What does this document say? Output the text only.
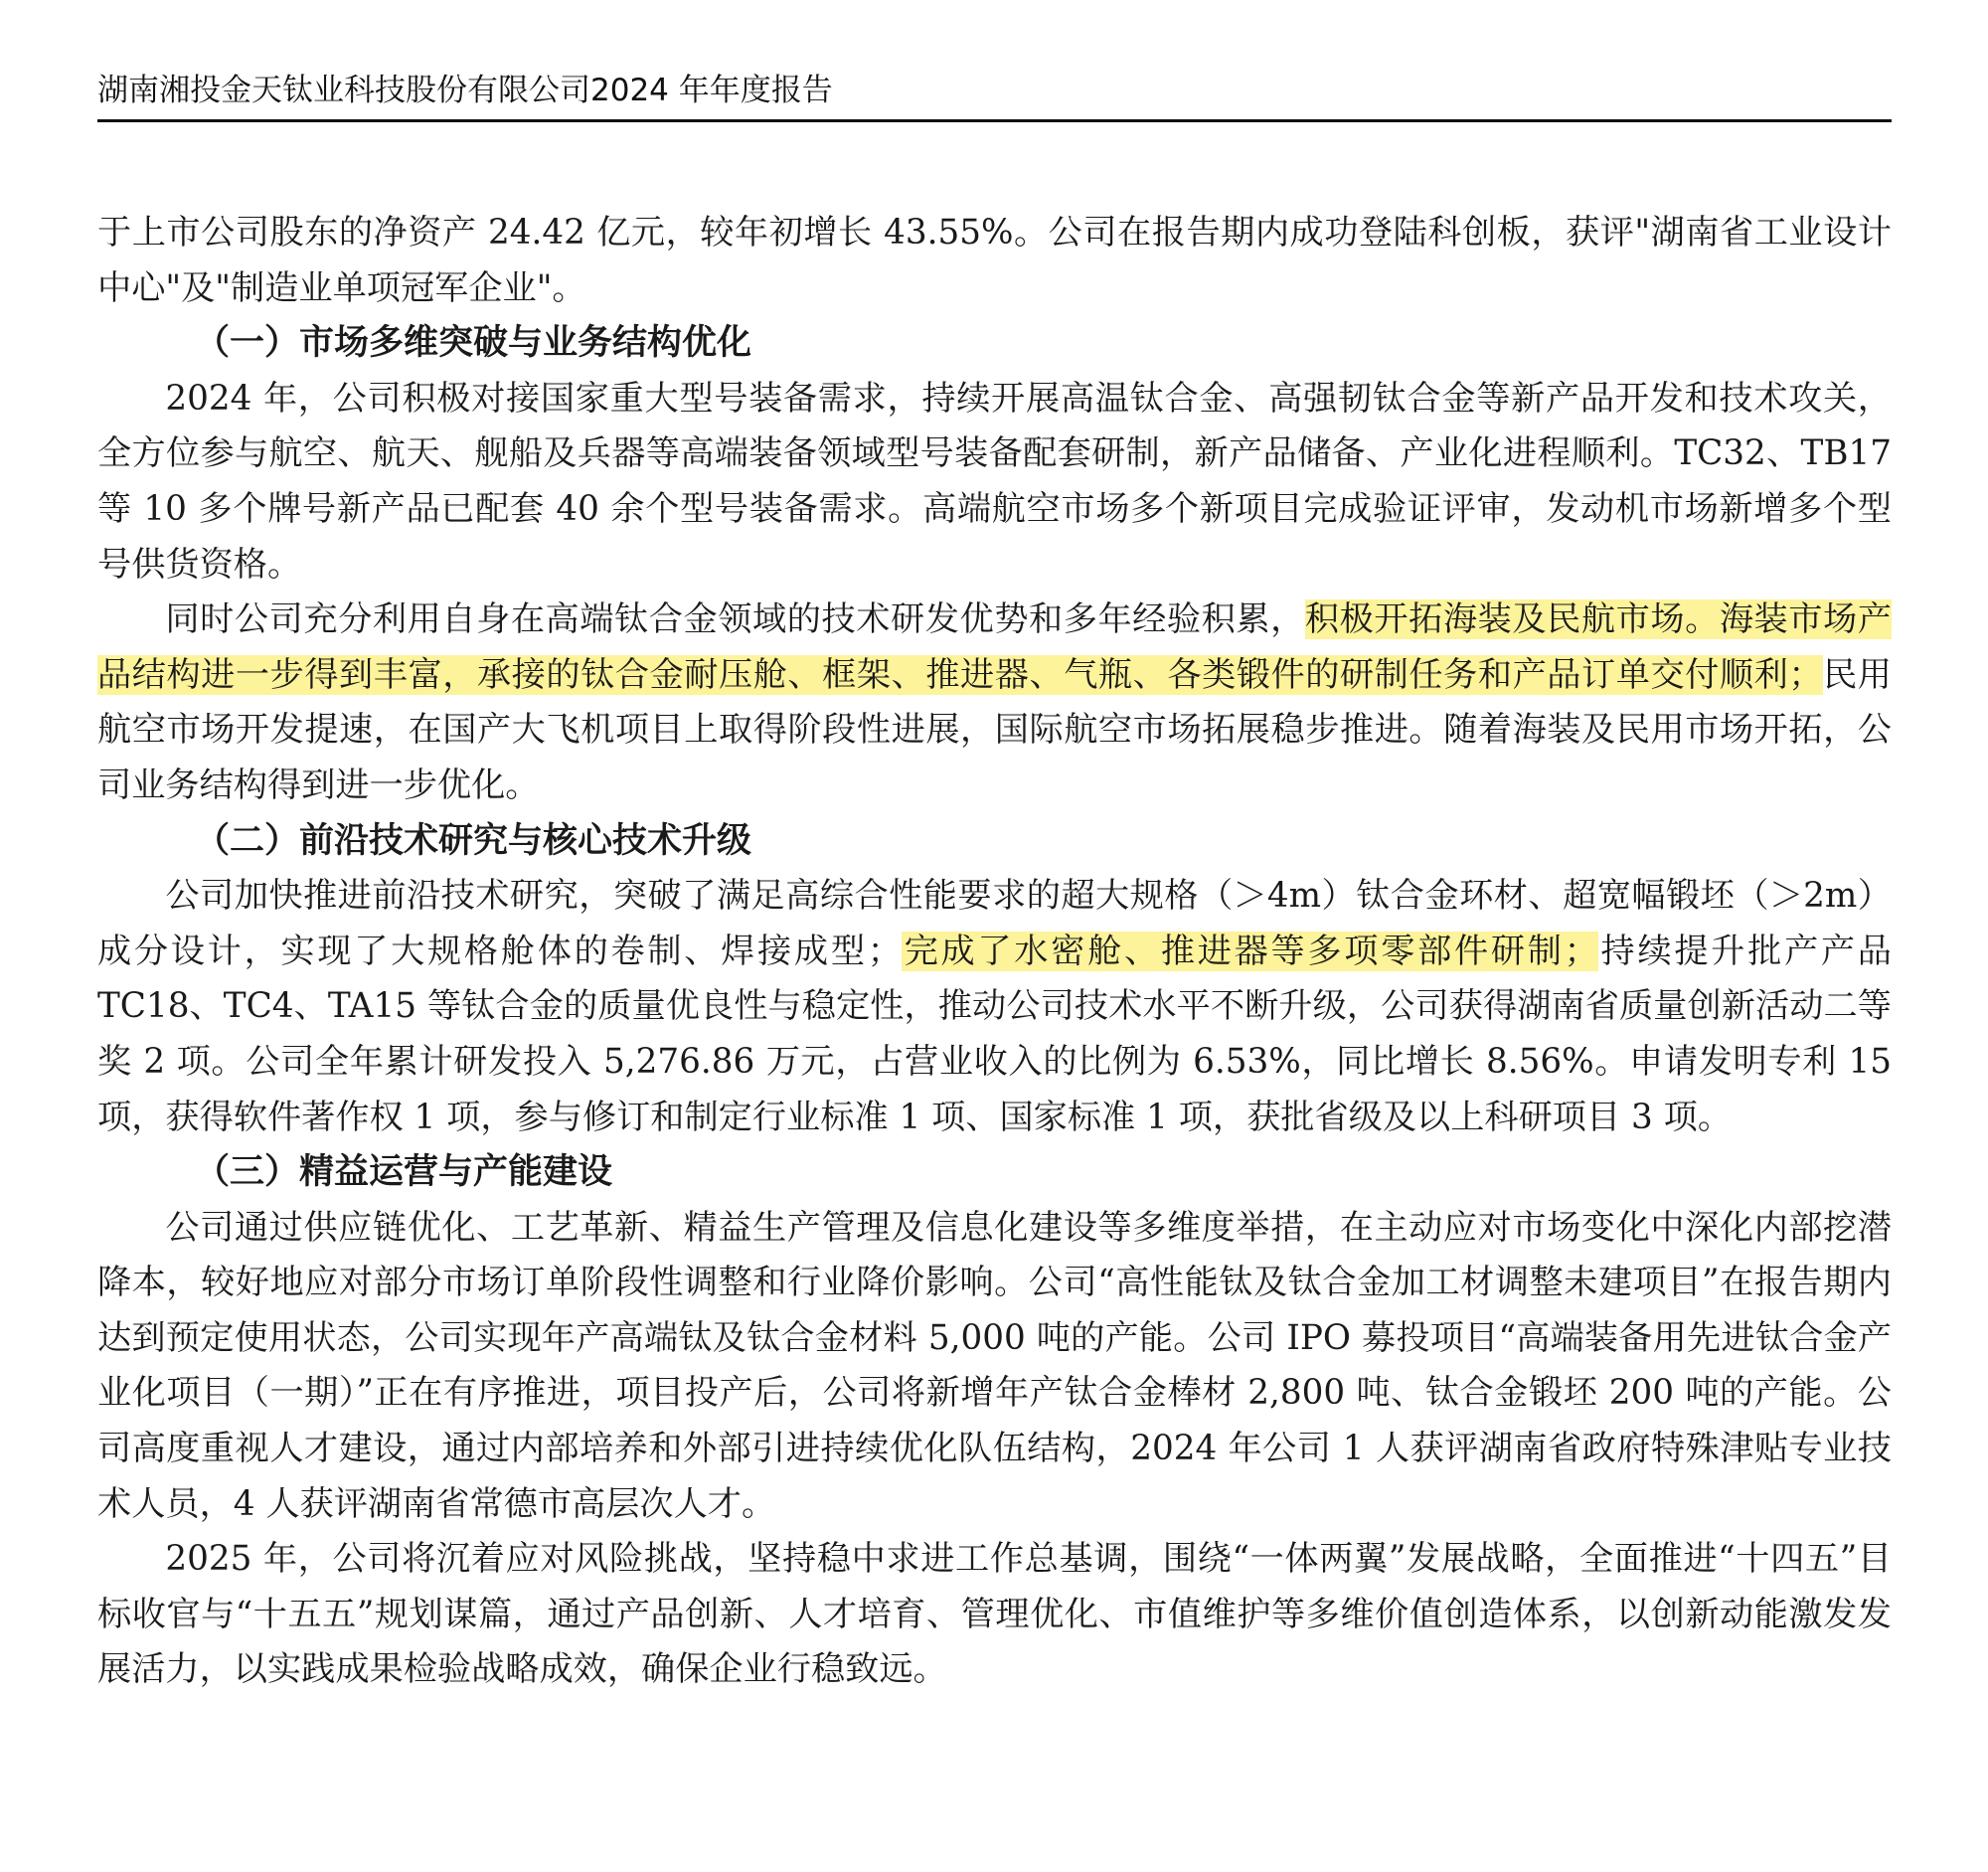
湖南湘投金天钛业科技股份有限公司2024 年年度报告

于上市公司股东的净资产 24.42 亿元，较年初增长 43.55%。公司在报告期内成功登陆科创板，获评"湖南省工业设计中心"及"制造业单项冠军企业"。

（一）市场多维突破与业务结构优化

2024 年，公司积极对接国家重大型号装备需求，持续开展高温钛合金、高强韧钛合金等新产品开发和技术攻关，全方位参与航空、航天、舰船及兵器等高端装备领域型号装备配套研制，新产品储备、产业化进程顺利。TC32、TB17 等 10 多个牌号新产品已配套 40 余个型号装备需求。高端航空市场多个新项目完成验证评审，发动机市场新增多个型号供货资格。

同时公司充分利用自身在高端钛合金领域的技术研发优势和多年经验积累，积极开拓海装及民航市场。海装市场产品结构进一步得到丰富，承接的钛合金耐压舱、框架、推进器、气瓶、各类锻件的研制任务和产品订单交付顺利；民用航空市场开发提速，在国产大飞机项目上取得阶段性进展，国际航空市场拓展稳步推进。随着海装及民用市场开拓，公司业务结构得到进一步优化。

（二）前沿技术研究与核心技术升级

公司加快推进前沿技术研究，突破了满足高综合性能要求的超大规格（＞4m）钛合金环材、超宽幅锻坯（＞2m）成分设计，实现了大规格舱体的卷制、焊接成型；完成了水密舱、推进器等多项零部件研制；持续提升批产产品 TC18、TC4、TA15 等钛合金的质量优良性与稳定性，推动公司技术水平不断升级，公司获得湖南省质量创新活动二等奖 2 项。公司全年累计研发投入 5,276.86 万元，占营业收入的比例为 6.53%，同比增长 8.56%。申请发明专利 15 项，获得软件著作权 1 项，参与修订和制定行业标准 1 项、国家标准 1 项，获批省级及以上科研项目 3 项。

（三）精益运营与产能建设

公司通过供应链优化、工艺革新、精益生产管理及信息化建设等多维度举措，在主动应对市场变化中深化内部挖潜降本，较好地应对部分市场订单阶段性调整和行业降价影响。公司“高性能钛及钛合金加工材调整未建项目”在报告期内达到预定使用状态，公司实现年产高端钛及钛合金材料 5,000 吨的产能。公司 IPO 募投项目“高端装备用先进钛合金产业化项目（一期）”正在有序推进，项目投产后，公司将新增年产钛合金棒材 2,800 吨、钛合金锻坯 200 吨的产能。公司高度重视人才建设，通过内部培养和外部引进持续优化队伍结构，2024 年公司 1 人获评湖南省政府特殊津贴专业技术人员，4 人获评湖南省常德市高层次人才。

2025 年，公司将沉着应对风险挑战，坚持稳中求进工作总基调，围绕“一体两翼”发展战略，全面推进“十四五”目标收官与“十五五”规划谋篇，通过产品创新、人才培育、管理优化、市值维护等多维价值创造体系，以创新动能激发发展活力，以实践成果检验战略成效，确保企业行稳致远。
